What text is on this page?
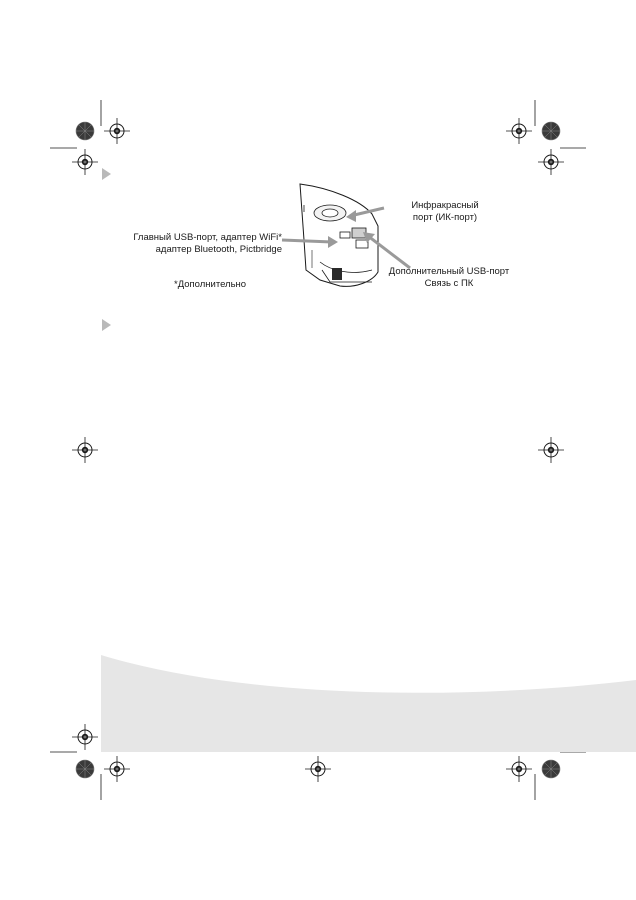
Инфракрасный
порт (ИК-порт)
Главный USB-порт, адаптер WiFi*
адаптер Bluetooth, Pictbridge
Дополнительный USB-порт
Связь с ПК
*Дополнительно
